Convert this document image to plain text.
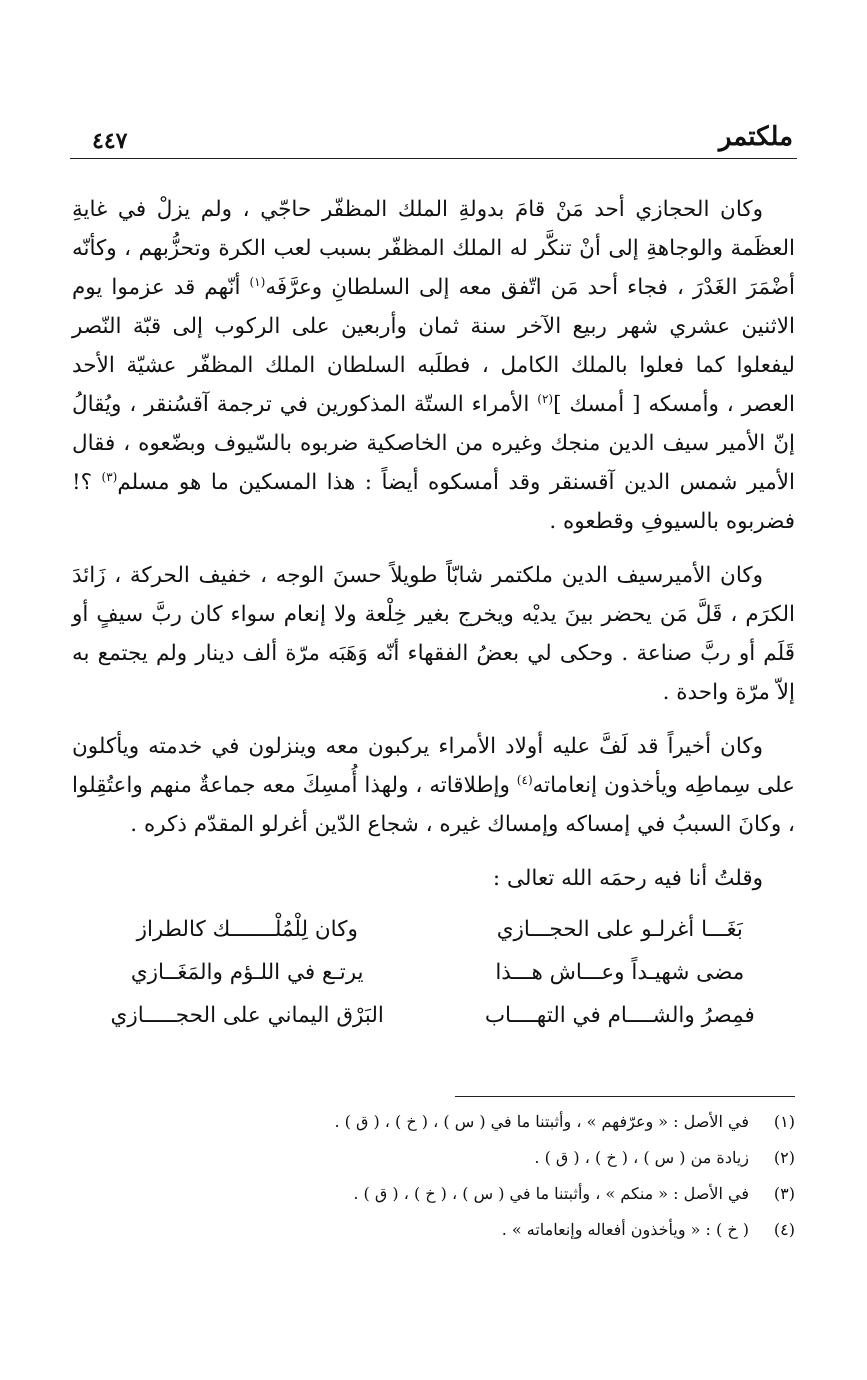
ملكتمر
٤٤٧

وكان الحجازي أحد مَنْ قامَ بدولةِ الملك المظفّر حاجّي ، ولم يزلْ في غايةِ العظَمة والوجاهةِ إلى أنْ تنكَّر له الملك المظفّر بسبب لعب الكرة وتحزُّبهم ، وكأنّه أضْمَرَ الغَدْرَ ، فجاء أحد مَن اتّفق معه إلى السلطانِ وعرَّفَه$^{(١)}$ أنّهم قد عزموا يوم الاثنين عشري شهر ربيع الآخر سنة ثمان وأربعين على الركوب إلى قبّة النّصر ليفعلوا كما فعلوا بالملك الكامل ، فطلَبه السلطان الملك المظفّر عشيّة الأحد العصر ، وأمسكه [ أمسك ]$^{(٢)}$ الأمراء الستّة المذكورين في ترجمة آقسُنقر ، ويُقالُ إنّ الأمير سيف الدين منجك وغيره من الخاصكية ضربوه بالسّيوف وبضّعوه ، فقال الأمير شمس الدين آقسنقر وقد أمسكوه أيضاً : هذا المسكين ما هو مسلم$^{(٣)}$ ؟! فضربوه بالسيوفِ وقطعوه .

وكان الأميرسيف الدين ملكتمر شابّاً طويلاً حسنَ الوجه ، خفيف الحركة ، زَائدَ الكرَم ، قَلَّ مَن يحضر بينَ يديْه ويخرج بغير خِلْعة ولا إنعام سواء كان ربَّ سيفٍ أو قَلَم أو ربَّ صناعة . وحكى لي بعضُ الفقهاء أنّه وَهَبَه مرّة ألف دينار ولم يجتمع به إلاّ مرّة واحدة .

وكان أخيراً قد لَفَّ عليه أولاد الأمراء يركبون معه وينزلون في خدمته ويأكلون على سِماطِه ويأخذون إنعاماته$^{(٤)}$ وإطلاقاته ، ولهذا أُمسِكَ معه جماعةٌ منهم واعتُقِلوا ، وكانَ السببُ في إمساكه وإمساك غيره ، شجاع الدّين أغرلو المقدّم ذكره .

وقلتُ أنا فيه رحمَه الله تعالى :

بَغَـــا أغرلـو على الحجـــازي
وكان لِلْمُلْـــــــك كالطراز
مضى شهيـداً وعـــاش هـــذا
يرتـع في اللـؤم والمَغَــازي
فمِصرُ والشــــام في التهــــاب
البَرْق اليماني على الحجـــــازي
(١)
في الأصل : « وعرّفهم » ، وأثبتنا ما في ( س ) ، ( خ ) ، ( ق ) .
(٢)
زيادة من ( س ) ، ( خ ) ، ( ق ) .
(٣)
في الأصل : « منكم » ، وأثبتنا ما في ( س ) ، ( خ ) ، ( ق ) .
(٤)
( خ ) : « ويأخذون أفعاله وإنعاماته » .
